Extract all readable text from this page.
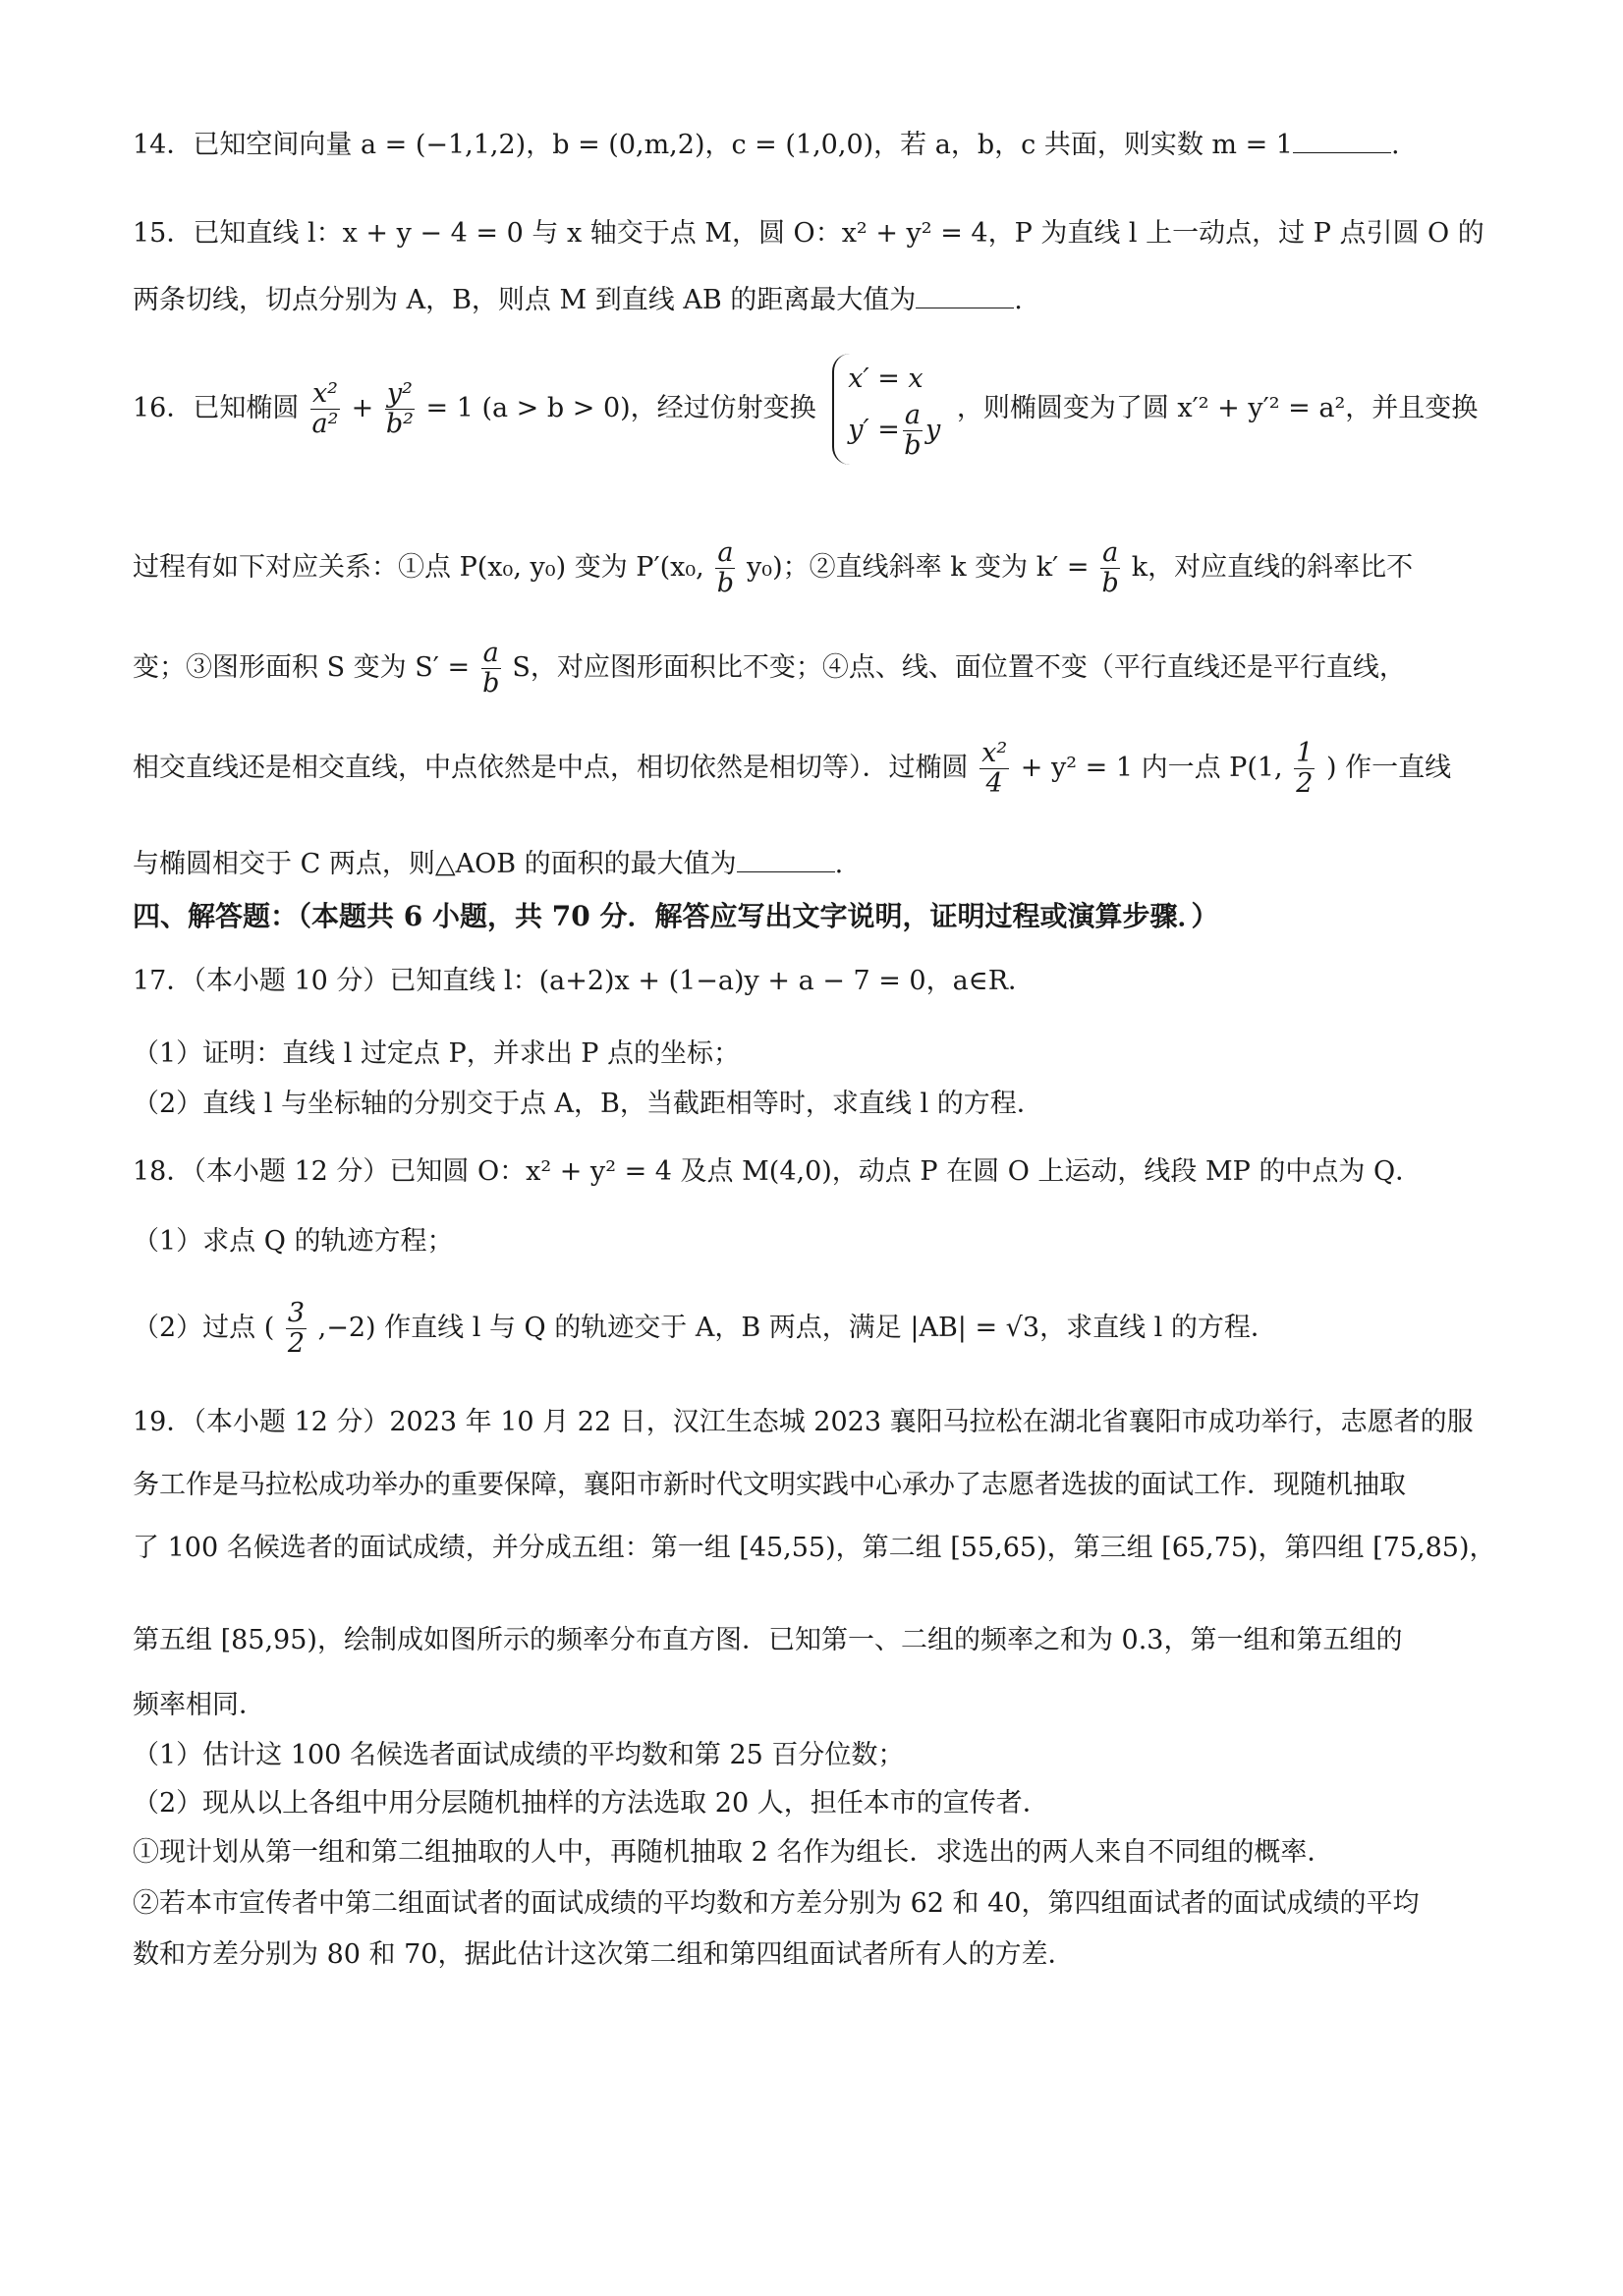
14．已知空间向量 a = (−1,1,2)，b = (0,m,2)，c = (1,0,0)，若 a，b，c 共面，则实数 m = 1	.
15．已知直线 l：x + y − 4 = 0 与 x 轴交于点 M，圆 O：x² + y² = 4，P 为直线 l 上一动点，过 P 点引圆 O 的
两条切线，切点分别为 A，B，则点 M 到直线 AB 的距离最大值为	.
16．已知椭圆 $\frac{\text{x²}}{\text{a²}} + \frac{\text{y²}}{\text{b²}} = 1$ (a > b > 0)，经过仿射变换
x′ = x
$y' = \frac{a}{b}$ y
，则椭圆变为了圆 x′² + y′² = a²，并且变换
过程有如下对应关系：①点 P(x₀, y₀) 变为 P′(x₀, $\frac{a}{b} y_0$)；②直线斜率 k 变为 $k' = \frac{a}{b}$ k，对应直线的斜率比不
变；③图形面积 S 变为 $S' = \frac{a}{b}$ S，对应图形面积比不变；④点、线、面位置不变（平行直线还是平行直线，
相交直线还是相交直线，中点依然是中点，相切依然是相切等）．过椭圆 $\frac{\text{x²}}{4} + y^2 = 1$ 内一点 P(1, $\frac{1}{2}$ ) 作一直线
与椭圆相交于 C 两点，则△AOB 的面积的最大值为	.
四、解答题：（本题共 6 小题，共 70 分．解答应写出文字说明，证明过程或演算步骤．）
17．（本小题 10 分）已知直线 l：(a+2)x + (1−a)y + a − 7 = 0，a∈R．
（1）证明：直线 l 过定点 P，并求出 P 点的坐标；
（2）直线 l 与坐标轴的分别交于点 A，B，当截距相等时，求直线 l 的方程．
18．（本小题 12 分）已知圆 O：x² + y² = 4 及点 M(4,0)，动点 P 在圆 O 上运动，线段 MP 的中点为 Q．
（1）求点 Q 的轨迹方程；
（2）过点 ( $\frac{3}{2} ,-2$) 作直线 l 与 Q 的轨迹交于 A，B 两点，满足 |AB| = √3，求直线 l 的方程．
19．（本小题 12 分）2023 年 10 月 22 日，汉江生态城 2023 襄阳马拉松在湖北省襄阳市成功举行，志愿者的服
务工作是马拉松成功举办的重要保障，襄阳市新时代文明实践中心承办了志愿者选拔的面试工作．现随机抽取
了 100 名候选者的面试成绩，并分成五组：第一组 [45,55)，第二组 [55,65)，第三组 [65,75)，第四组 [75,85)，
第五组 [85,95)，绘制成如图所示的频率分布直方图．已知第一、二组的频率之和为 0.3，第一组和第五组的
频率相同．
（1）估计这 100 名候选者面试成绩的平均数和第 25 百分位数；
（2）现从以上各组中用分层随机抽样的方法选取 20 人，担任本市的宣传者．
①现计划从第一组和第二组抽取的人中，再随机抽取 2 名作为组长．求选出的两人来自不同组的概率．
②若本市宣传者中第二组面试者的面试成绩的平均数和方差分别为 62 和 40，第四组面试者的面试成绩的平均
数和方差分别为 80 和 70，据此估计这次第二组和第四组面试者所有人的方差．
